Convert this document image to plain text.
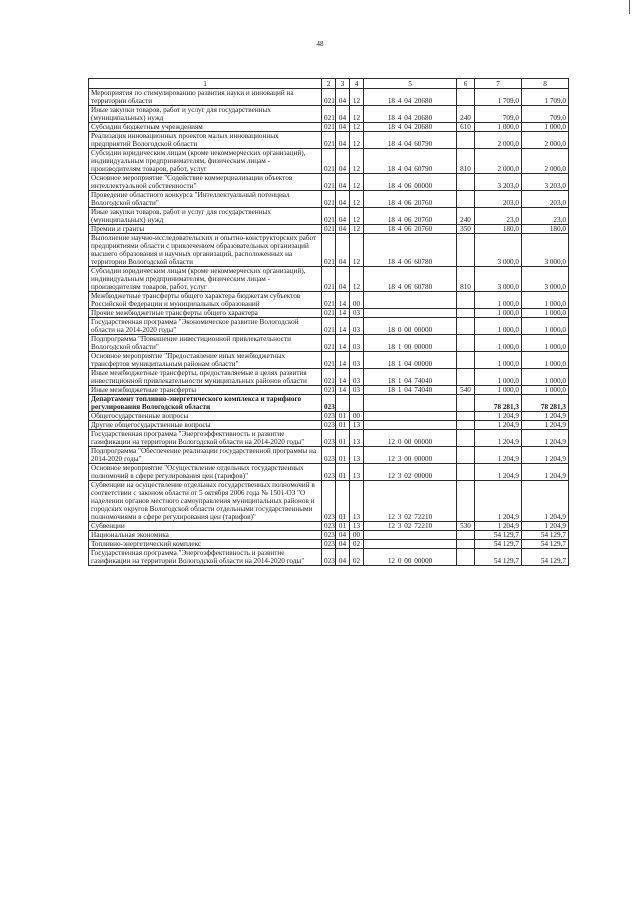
48
1	2	3	4	5	6	7	8
Мероприятия по стимулированию развития науки и инноваций на территории области	021	04	12	18 4 04 20680		1 709,0	1 709,0
Иные закупки товаров, работ и услуг для государственных (муниципальных) нужд	021	04	12	18 4 04 20680	240	709,0	709,0
Субсидии бюджетным учреждениям	021	04	12	18 4 04 20680	610	1 000,0	1 000,0
Реализация инновационных проектов малых инновационных предприятий Вологодской области	021	04	12	18 4 04 60790		2 000,0	2 000,0
Субсидии юридическим лицам (кроме некоммерческих организаций), индивидуальным предпринимателям, физическим лицам - производителям товаров, работ, услуг	021	04	12	18 4 04 60790	810	2 000,0	2 000,0
Основное мероприятие "Содействие коммерциализации объектов интеллектуальной собственности"	021	04	12	18 4 06 00000		3 203,0	3 203,0
Проведение областного конкурса "Интеллектуальный потенциал Вологодской области"	021	04	12	18 4 06 20760		203,0	203,0
Иные закупки товаров, работ и услуг для государственных (муниципальных) нужд	021	04	12	18 4 06 20760	240	23,0	23,0
Премии и гранты	021	04	12	18 4 06 20760	350	180,0	180,0
Выполнение научно-исследовательских и опытно-конструкторских работ предприятиями области с привлечением образовательных организаций высшего образования и научных организаций, расположенных на территории Вологодской области	021	04	12	18 4 06 60780		3 000,0	3 000,0
Субсидии юридическим лицам (кроме некоммерческих организаций), индивидуальным предпринимателям, физическим лицам - производителям товаров, работ, услуг	021	04	12	18 4 06 60780	810	3 000,0	3 000,0
Межбюджетные трансферты общего характера бюджетам субъектов Российской Федерации и муниципальных образований	021	14	00			1 000,0	1 000,0
Прочие межбюджетные трансферты общего характера	021	14	03			1 000,0	1 000,0
Государственная программа "Экономическое развитие Вологодской области на 2014-2020 годы"	021	14	03	18 0 00 00000		1 000,0	1 000,0
Подпрограмма "Повышение инвестиционной привлекательности Вологодской области"	021	14	03	18 1 00 00000		1 000,0	1 000,0
Основное мероприятие "Предоставление иных межбюджетных трансфертов муниципальным районам области"	021	14	03	18 1 04 00000		1 000,0	1 000,0
Иные межбюджетные трансферты, предоставляемые в целях развития инвестиционной привлекательности муниципальных районов области	021	14	03	18 1 04 74040		1 000,0	1 000,0
Иные межбюджетные трансферты	021	14	03	18 1 04 74040	540	1 000,0	1 000,0
Департамент топливно-энергетического комплекса и тарифного регулирования Вологодской области	023					78 281,3	78 281,3
Общегосударственные вопросы	023	01	00			1 204,9	1 204,9
Другие общегосударственные вопросы	023	01	13			1 204,9	1 204,9
Государственная программа "Энергоэффективность и развитие газификации на территории Вологодской области на 2014-2020 годы"	023	01	13	12 0 00 00000		1 204,9	1 204,9
Подпрограмма "Обеспечение реализации государственной программы на 2014-2020 годы"	023	01	13	12 3 00 00000		1 204,9	1 204,9
Основное мероприятие "Осуществление отдельных государственных полномочий в сфере регулирования цен (тарифов)"	023	01	13	12 3 02 00000		1 204,9	1 204,9
Субвенции на осуществление отдельных государственных полномочий в соответствии с законом области от 5 октября 2006 года № 1501-ОЗ "О наделении органов местного самоуправления муниципальных районов и городских округов Вологодской области отдельными государственными полномочиями в сфере регулирования цен (тарифов)"	023	01	13	12 3 02 72210		1 204,9	1 204,9
Субвенции	023	01	13	12 3 02 72210	530	1 204,9	1 204,9
Национальная экономика	023	04	00			54 129,7	54 129,7
Топливно-энергетический комплекс	023	04	02			54 129,7	54 129,7
Государственная программа "Энергоэффективность и развитие газификации на территории Вологодской области на 2014-2020 годы"	023	04	02	12 0 00 00000		54 129,7	54 129,7
